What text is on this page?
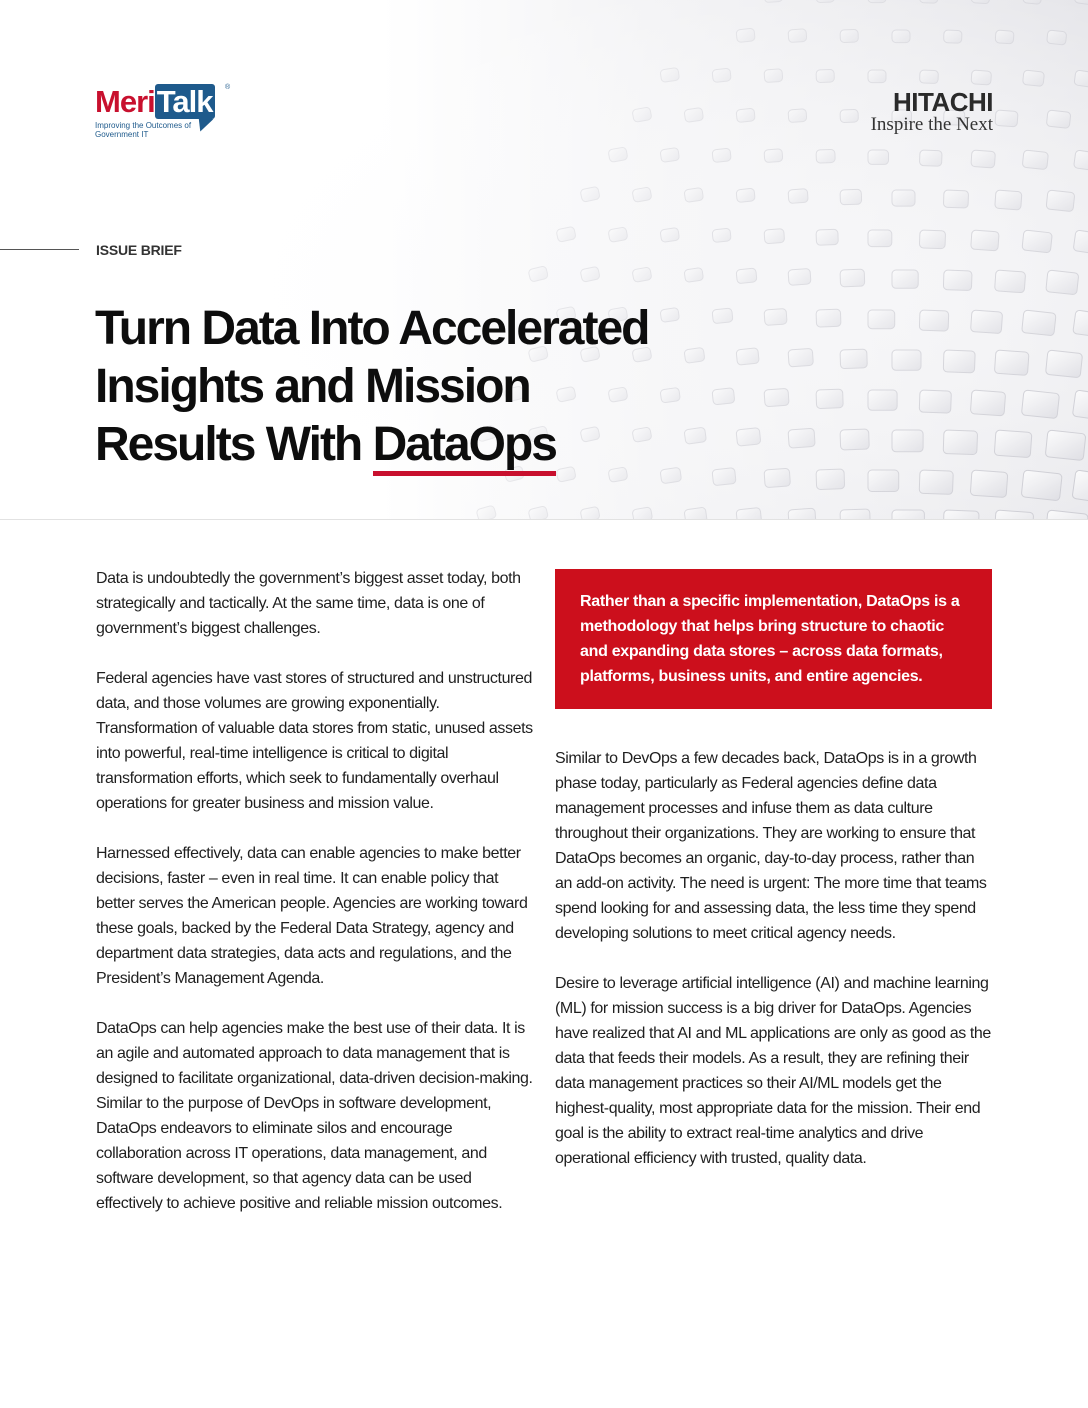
MeriTalk	®
Improving the Outcomes of Government IT
HITACHI
Inspire the Next
ISSUE BRIEF
Turn Data Into Accelerated
Insights and Mission
Results With DataOps

Data is undoubtedly the government’s biggest asset today, both strategically and tactically. At the same time, data is one of government’s biggest challenges.

Federal agencies have vast stores of structured and unstructured data, and those volumes are growing exponentially. Transformation of valuable data stores from static, unused assets into powerful, real-time intelligence is critical to digital transformation efforts, which seek to fundamentally overhaul operations for greater business and mission value.

Harnessed effectively, data can enable agencies to make better decisions, faster – even in real time. It can enable policy that better serves the American people. Agencies are working toward these goals, backed by the Federal Data Strategy, agency and department data strategies, data acts and regulations, and the President’s Management Agenda.

DataOps can help agencies make the best use of their data. It is an agile and automated approach to data management that is designed to facilitate organizational, data-driven decision-making. Similar to the purpose of DevOps in software development, DataOps endeavors to eliminate silos and encourage collaboration across IT operations, data management, and software development, so that agency data can be used effectively to achieve positive and reliable mission outcomes.

Rather than a specific implementation, DataOps is a methodology that helps bring structure to chaotic and expanding data stores – across data formats, platforms, business units, and entire agencies.

Similar to DevOps a few decades back, DataOps is in a growth phase today, particularly as Federal agencies define data management processes and infuse them as data culture throughout their organizations. They are working to ensure that DataOps becomes an organic, day-to-day process, rather than an add-on activity. The need is urgent: The more time that teams spend looking for and assessing data, the less time they spend developing solutions to meet critical agency needs.

Desire to leverage artificial intelligence (AI) and machine learning (ML) for mission success is a big driver for DataOps. Agencies have realized that AI and ML applications are only as good as the data that feeds their models. As a result, they are refining their data management practices so their AI/ML models get the highest-quality, most appropriate data for the mission. Their end goal is the ability to extract real-time analytics and drive operational efficiency with trusted, quality data.
